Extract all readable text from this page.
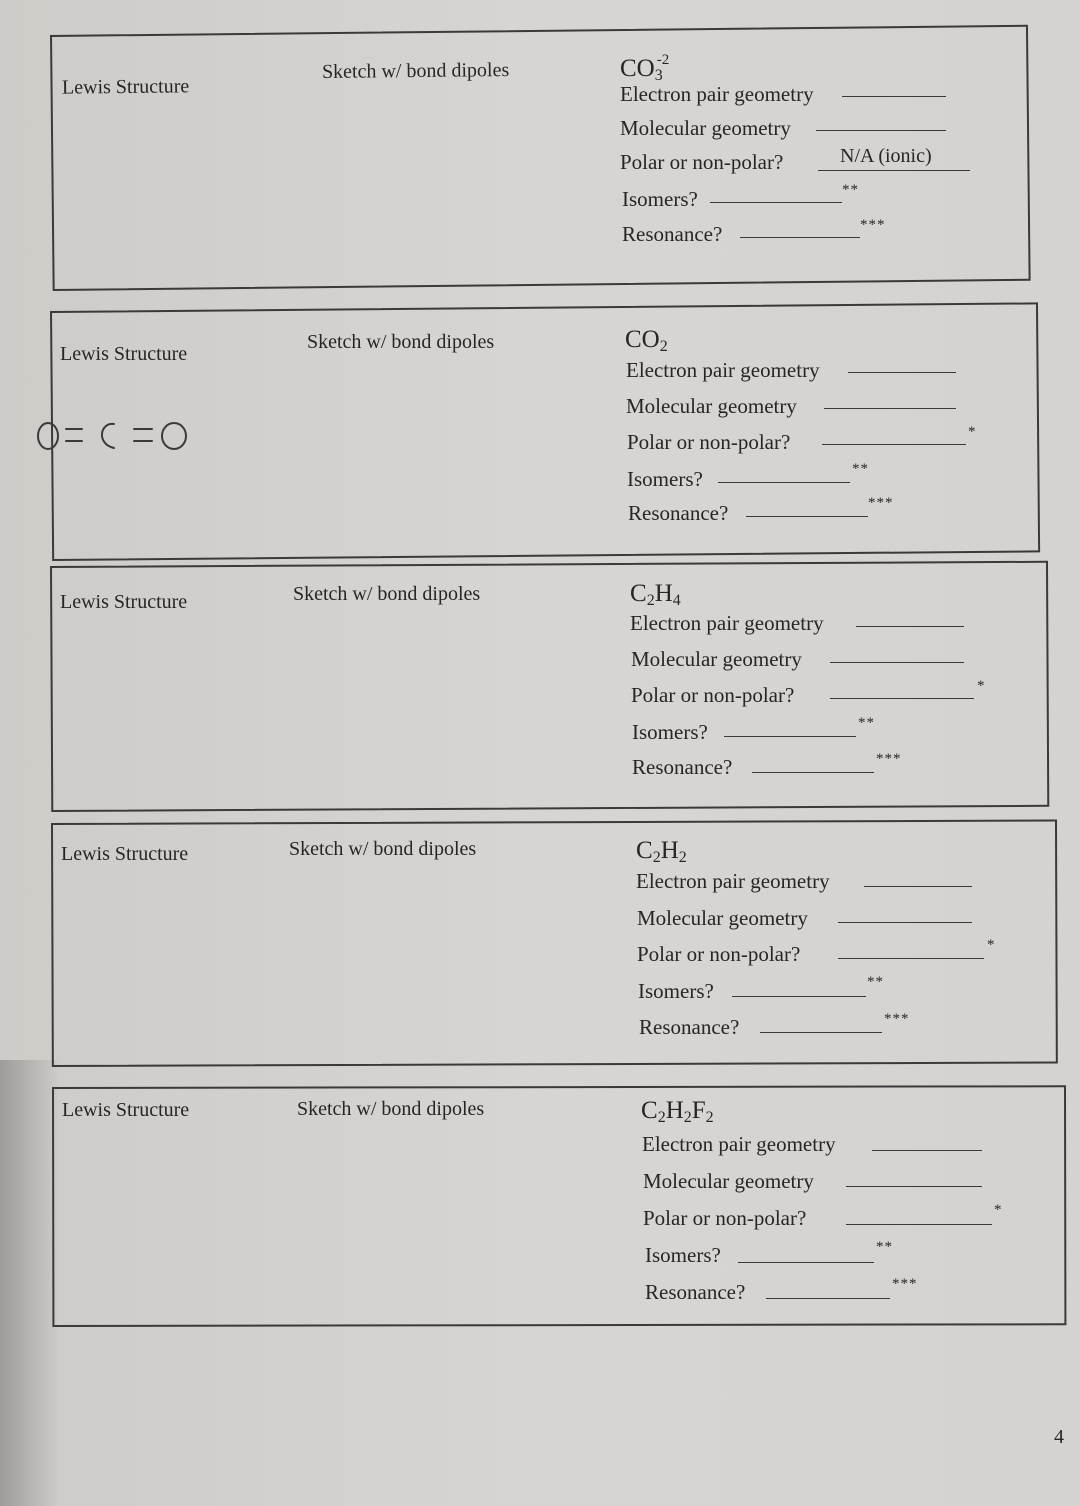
Lewis Structure
Sketch w/ bond dipoles	$CO_3^{-2}$
Electron pair geometry
Molecular geometry
Polar or non-polar?	N/A (ionic)
Isomers?	**
Resonance?	***
Lewis Structure
Sketch w/ bond dipoles	$CO_2$
Electron pair geometry
Molecular geometry
Polar or non-polar?	*
Isomers?	**
Resonance?	***
Lewis Structure	Sketch w/ bond dipoles	$C_2H_4$
Electron pair geometry
Molecular geometry
Polar or non-polar?	*
Isomers?	**
Resonance?	***
Lewis Structure	Sketch w/ bond dipoles	$C_2H_2$
Electron pair geometry
Molecular geometry
Polar or non-polar?	*
Isomers?	**
Resonance?	***
Lewis Structure	Sketch w/ bond dipoles	$C_2H_2F_2$
Electron pair geometry
Molecular geometry
Polar or non-polar?	*
Isomers?	**
Resonance?	***
4
